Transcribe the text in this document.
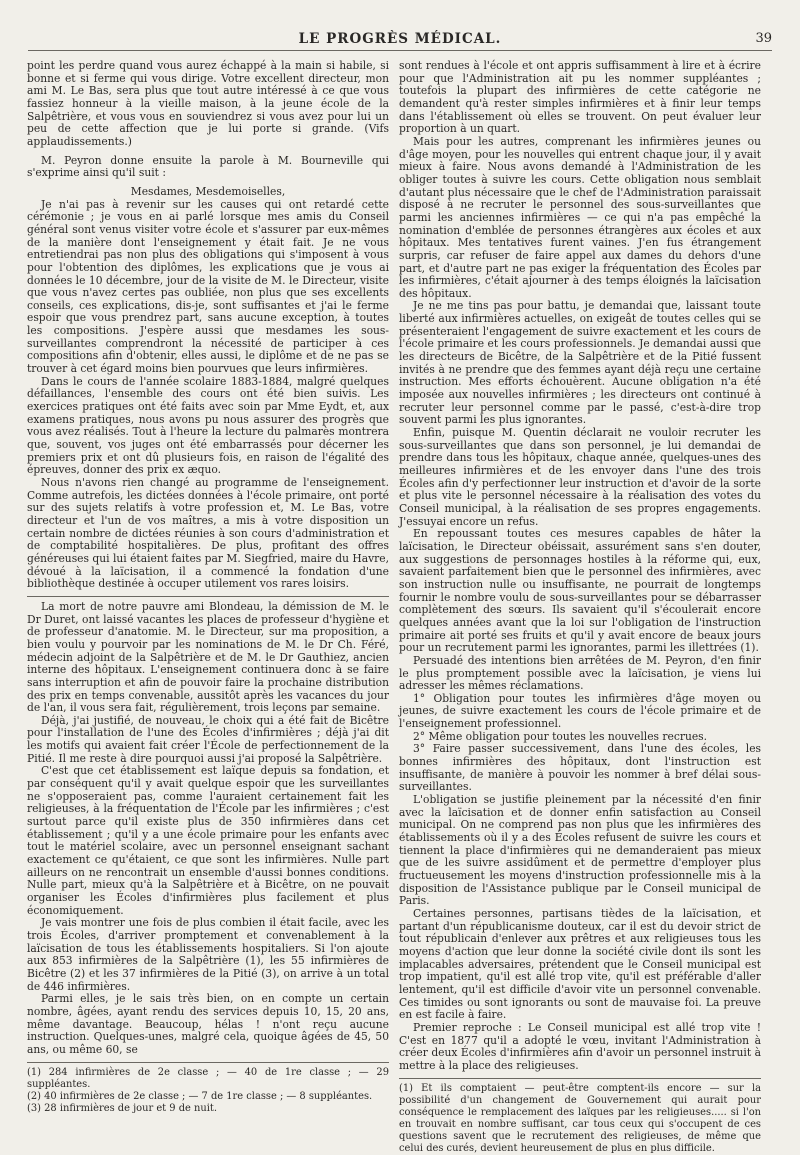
LE PROGRÈS MÉDICAL.	39

point les perdre quand vous aurez échappé à la main si habile, si bonne et si ferme qui vous dirige. Votre excellent directeur, mon ami M. Le Bas, sera plus que tout autre intéressé à ce que vous fassiez honneur à la vieille maison, à la jeune école de la Salpêtrière, et vous vous en souviendrez si vous avez pour lui un peu de cette affection que je lui porte si grande. (Vifs applaudissements.)

M. Peyron donne ensuite la parole à M. Bourneville qui s'exprime ainsi qu'il suit :

Mesdames, Mesdemoiselles,

Je n'ai pas à revenir sur les causes qui ont retardé cette cérémonie ; je vous en ai parlé lorsque mes amis du Conseil général sont venus visiter votre école et s'assurer par eux-mêmes de la manière dont l'enseignement y était fait. Je ne vous entretiendrai pas non plus des obligations qui s'imposent à vous pour l'obtention des diplômes, les explications que je vous ai données le 10 décembre, jour de la visite de M. le Directeur, visite que vous n'avez certes pas oubliée, non plus que ses excellents conseils, ces explications, dis-je, sont suffisantes et j'ai le ferme espoir que vous prendrez part, sans aucune exception, à toutes les compositions. J'espère aussi que mesdames les sous-surveillantes comprendront la nécessité de participer à ces compositions afin d'obtenir, elles aussi, le diplôme et de ne pas se trouver à cet égard moins bien pourvues que leurs infirmières.

Dans le cours de l'année scolaire 1883-1884, malgré quelques défaillances, l'ensemble des cours ont été bien suivis. Les exercices pratiques ont été faits avec soin par Mme Eydt, et, aux examens pratiques, nous avons pu nous assurer des progrès que vous avez réalisés. Tout à l'heure la lecture du palmarès montrera que, souvent, vos juges ont été embarrassés pour décerner les premiers prix et ont dû plusieurs fois, en raison de l'égalité des épreuves, donner des prix ex æquo.

Nous n'avons rien changé au programme de l'enseignement. Comme autrefois, les dictées données à l'école primaire, ont porté sur des sujets relatifs à votre profession et, M. Le Bas, votre directeur et l'un de vos maîtres, a mis à votre disposition un certain nombre de dictées réunies à son cours d'administration et de comptabilité hospitalières. De plus, profitant des offres généreuses qui lui étaient faites par M. Siegfried, maire du Havre, dévoué à la laïcisation, il a commencé la fondation d'une bibliothèque destinée à occuper utilement vos rares loisirs.

La mort de notre pauvre ami Blondeau, la démission de M. le Dr Duret, ont laissé vacantes les places de professeur d'hygiène et de professeur d'anatomie. M. le Directeur, sur ma proposition, a bien voulu y pourvoir par les nominations de M. le Dr Ch. Féré, médecin adjoint de la Salpêtrière et de M. le Dr Gauthiez, ancien interne des hôpitaux. L'enseignement continuera donc à se faire sans interruption et afin de pouvoir faire la prochaine distribution des prix en temps convenable, aussitôt après les vacances du jour de l'an, il vous sera fait, régulièrement, trois leçons par semaine.

Déjà, j'ai justifié, de nouveau, le choix qui a été fait de Bicêtre pour l'installation de l'une des Écoles d'infirmières ; déjà j'ai dit les motifs qui avaient fait créer l'École de perfectionnement de la Pitié. Il me reste à dire pourquoi aussi j'ai proposé la Salpêtrière.

C'est que cet établissement est laïque depuis sa fondation, et par conséquent qu'il y avait quelque espoir que les surveillantes ne s'opposeraient pas, comme l'auraient certainement fait les religieuses, à la fréquentation de l'École par les infirmières ; c'est surtout parce qu'il existe plus de 350 infirmières dans cet établissement ; qu'il y a une école primaire pour les enfants avec tout le matériel scolaire, avec un personnel enseignant sachant exactement ce qu'étaient, ce que sont les infirmières. Nulle part ailleurs on ne rencontrait un ensemble d'aussi bonnes conditions. Nulle part, mieux qu'à la Salpêtrière et à Bicêtre, on ne pouvait organiser les Écoles d'infirmières plus facilement et plus économiquement.

Je vais montrer une fois de plus combien il était facile, avec les trois Écoles, d'arriver promptement et convenablement à la laïcisation de tous les établissements hospitaliers. Si l'on ajoute aux 853 infirmières de la Salpêtrière (1), les 55 infirmières de Bicêtre (2) et les 37 infirmières de la Pitié (3), on arrive à un total de 446 infirmières.

Parmi elles, je le sais très bien, on en compte un certain nombre, âgées, ayant rendu des services depuis 10, 15, 20 ans, même davantage. Beaucoup, hélas ! n'ont reçu aucune instruction. Quelques-unes, malgré cela, quoique âgées de 45, 50 ans, ou même 60, se

(1) 284 infirmières de 2e classe ; — 40 de 1re classe ; — 29 suppléantes.

(2) 40 infirmières de 2e classe ; — 7 de 1re classe ; — 8 suppléantes.

(3) 28 infirmières de jour et 9 de nuit.

sont rendues à l'école et ont appris suffisamment à lire et à écrire pour que l'Administration ait pu les nommer suppléantes ; toutefois la plupart des infirmières de cette catégorie ne demandent qu'à rester simples infirmières et à finir leur temps dans l'établissement où elles se trouvent. On peut évaluer leur proportion à un quart.

Mais pour les autres, comprenant les infirmières jeunes ou d'âge moyen, pour les nouvelles qui entrent chaque jour, il y avait mieux à faire. Nous avons demandé à l'Administration de les obliger toutes à suivre les cours. Cette obligation nous semblait d'autant plus nécessaire que le chef de l'Administration paraissait disposé à ne recruter le personnel des sous-surveillantes que parmi les anciennes infirmières — ce qui n'a pas empêché la nomination d'emblée de personnes étrangères aux écoles et aux hôpitaux. Mes tentatives furent vaines. J'en fus étrangement surpris, car refuser de faire appel aux dames du dehors d'une part, et d'autre part ne pas exiger la fréquentation des Écoles par les infirmières, c'était ajourner à des temps éloignés la laïcisation des hôpitaux.

Je ne me tins pas pour battu, je demandai que, laissant toute liberté aux infirmières actuelles, on exigeât de toutes celles qui se présenteraient l'engagement de suivre exactement et les cours de l'école primaire et les cours professionnels. Je demandai aussi que les directeurs de Bicêtre, de la Salpêtrière et de la Pitié fussent invités à ne prendre que des femmes ayant déjà reçu une certaine instruction. Mes efforts échouèrent. Aucune obligation n'a été imposée aux nouvelles infirmières ; les directeurs ont continué à recruter leur personnel comme par le passé, c'est-à-dire trop souvent parmi les plus ignorantes.

Enfin, puisque M. Quentin déclarait ne vouloir recruter les sous-surveillantes que dans son personnel, je lui demandai de prendre dans tous les hôpitaux, chaque année, quelques-unes des meilleures infirmières et de les envoyer dans l'une des trois Écoles afin d'y perfectionner leur instruction et d'avoir de la sorte et plus vite le personnel nécessaire à la réalisation des votes du Conseil municipal, à la réalisation de ses propres engagements. J'essuyai encore un refus.

En repoussant toutes ces mesures capables de hâter la laïcisation, le Directeur obéissait, assurément sans s'en douter, aux suggestions de personnages hostiles à la réforme qui, eux, savaient parfaitement bien que le personnel des infirmières, avec son instruction nulle ou insuffisante, ne pourrait de longtemps fournir le nombre voulu de sous-surveillantes pour se débarrasser complètement des sœurs. Ils savaient qu'il s'écoulerait encore quelques années avant que la loi sur l'obligation de l'instruction primaire ait porté ses fruits et qu'il y avait encore de beaux jours pour un recrutement parmi les ignorantes, parmi les illettrées (1).

Persuadé des intentions bien arrêtées de M. Peyron, d'en finir le plus promptement possible avec la laïcisation, je viens lui adresser les mêmes réclamations.

1° Obligation pour toutes les infirmières d'âge moyen ou jeunes, de suivre exactement les cours de l'école primaire et de l'enseignement professionnel.

2° Même obligation pour toutes les nouvelles recrues.

3° Faire passer successivement, dans l'une des écoles, les bonnes infirmières des hôpitaux, dont l'instruction est insuffisante, de manière à pouvoir les nommer à bref délai sous-surveillantes.

L'obligation se justifie pleinement par la nécessité d'en finir avec la laïcisation et de donner enfin satisfaction au Conseil municipal. On ne comprend pas non plus que les infirmières des établissements où il y a des Écoles refusent de suivre les cours et tiennent la place d'infirmières qui ne demanderaient pas mieux que de les suivre assidûment et de permettre d'employer plus fructueusement les moyens d'instruction professionnelle mis à la disposition de l'Assistance publique par le Conseil municipal de Paris.

Certaines personnes, partisans tièdes de la laïcisation, et partant d'un républicanisme douteux, car il est du devoir strict de tout républicain d'enlever aux prêtres et aux religieuses tous les moyens d'action que leur donne la société civile dont ils sont les implacables adversaires, prétendent que le Conseil municipal est trop impatient, qu'il est allé trop vite, qu'il est préférable d'aller lentement, qu'il est difficile d'avoir vite un personnel convenable. Ces timides ou sont ignorants ou sont de mauvaise foi. La preuve en est facile à faire.

Premier reproche : Le Conseil municipal est allé trop vite ! C'est en 1877 qu'il a adopté le vœu, invitant l'Administration à créer deux Écoles d'infirmières afin d'avoir un personnel instruit à mettre à la place des religieuses.

(1) Et ils comptaient — peut-être comptent-ils encore — sur la possibilité d'un changement de Gouvernement qui aurait pour conséquence le remplacement des laïques par les religieuses..... si l'on en trouvait en nombre suffisant, car tous ceux qui s'occupent de ces questions savent que le recrutement des religieuses, de même que celui des curés, devient heureusement de plus en plus difficile.
